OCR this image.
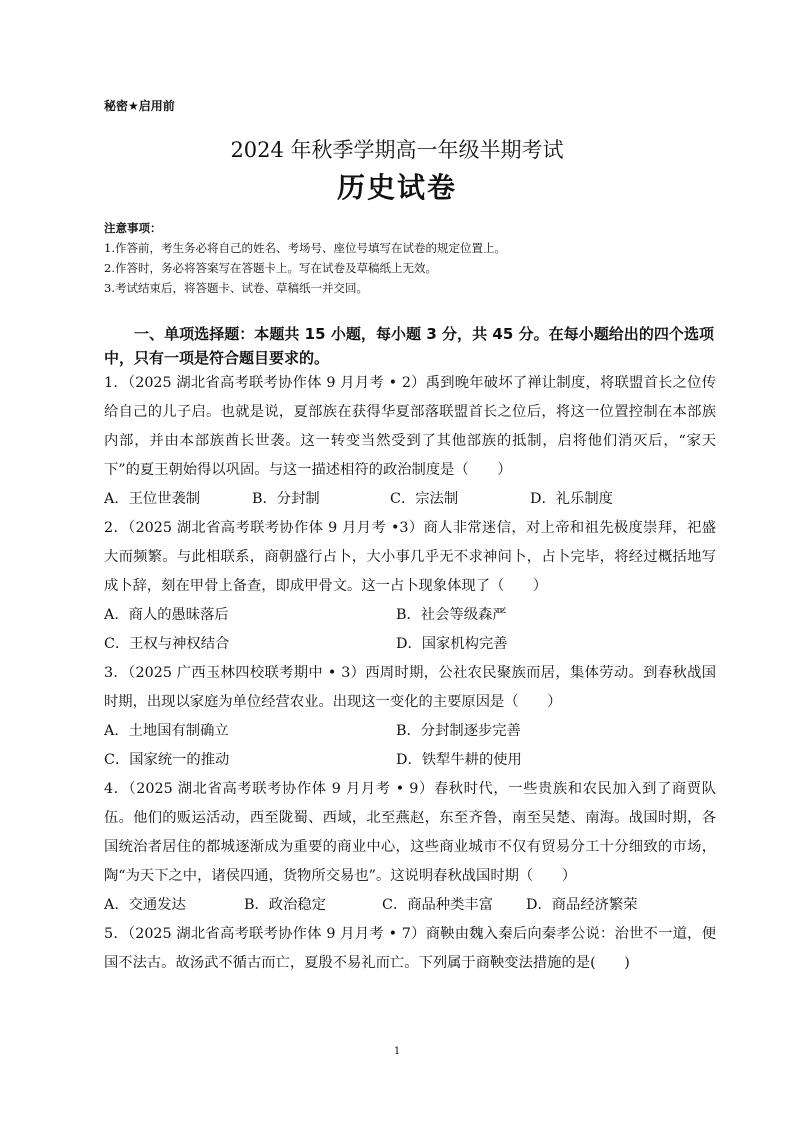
秘密★启用前
2024 年秋季学期高一年级半期考试
历史试卷
注意事项：
1.作答前，考生务必将自己的姓名、考场号、座位号填写在试卷的规定位置上。
2.作答时，务必将答案写在答题卡上。写在试卷及草稿纸上无效。
3.考试结束后，将答题卡、试卷、草稿纸一并交回。
一、单项选择题：本题共 15 小题，每小题 3 分，共 45 分。在每小题给出的四个选项中，只有一项是符合题目要求的。
1．（2025 湖北省高考联考协作体 9 月月考 • 2）禹到晚年破坏了禅让制度，将联盟首长之位传给自己的儿子启。也就是说，夏部族在获得华夏部落联盟首长之位后，将这一位置控制在本部族内部，并由本部族酋长世袭。这一转变当然受到了其他部族的抵制，启将他们消灭后，“家天下”的夏王朝始得以巩固。与这一描述相符的政治制度是（　　）
A．王位世袭制	B．分封制	C．宗法制	D．礼乐制度
2．（2025 湖北省高考联考协作体 9 月月考 •3）商人非常迷信，对上帝和祖先极度崇拜，祀盛大而频繁。与此相联系，商朝盛行占卜，大小事几乎无不求神问卜，占卜完毕，将经过概括地写成卜辞，刻在甲骨上备查，即成甲骨文。这一占卜现象体现了（　　）
A．商人的愚昧落后	B．社会等级森严
C．王权与神权结合	D．国家机构完善
3．（2025 广西玉林四校联考期中 • 3）西周时期，公社农民聚族而居，集体劳动。到春秋战国时期，出现以家庭为单位经营农业。出现这一变化的主要原因是（　　）
A．土地国有制确立	B．分封制逐步完善
C．国家统一的推动	D．铁犁牛耕的使用
4．（2025 湖北省高考联考协作体 9 月月考 • 9）春秋时代，一些贵族和农民加入到了商贾队伍。他们的贩运活动，西至陇蜀、西域，北至燕赵，东至齐鲁，南至吴楚、南海。战国时期，各国统治者居住的都城逐渐成为重要的商业中心，这些商业城市不仅有贸易分工十分细致的市场，陶“为天下之中，诸侯四通，货物所交易也”。这说明春秋战国时期（　　）
A．交通发达	B．政治稳定	C．商品种类丰富	D．商品经济繁荣
5．（2025 湖北省高考联考协作体 9 月月考 • 7）商鞅由魏入秦后向秦孝公说：治世不一道，便国不法古。故汤武不循古而亡，夏殷不易礼而亡。下列属于商鞅变法措施的是(　　)
1
